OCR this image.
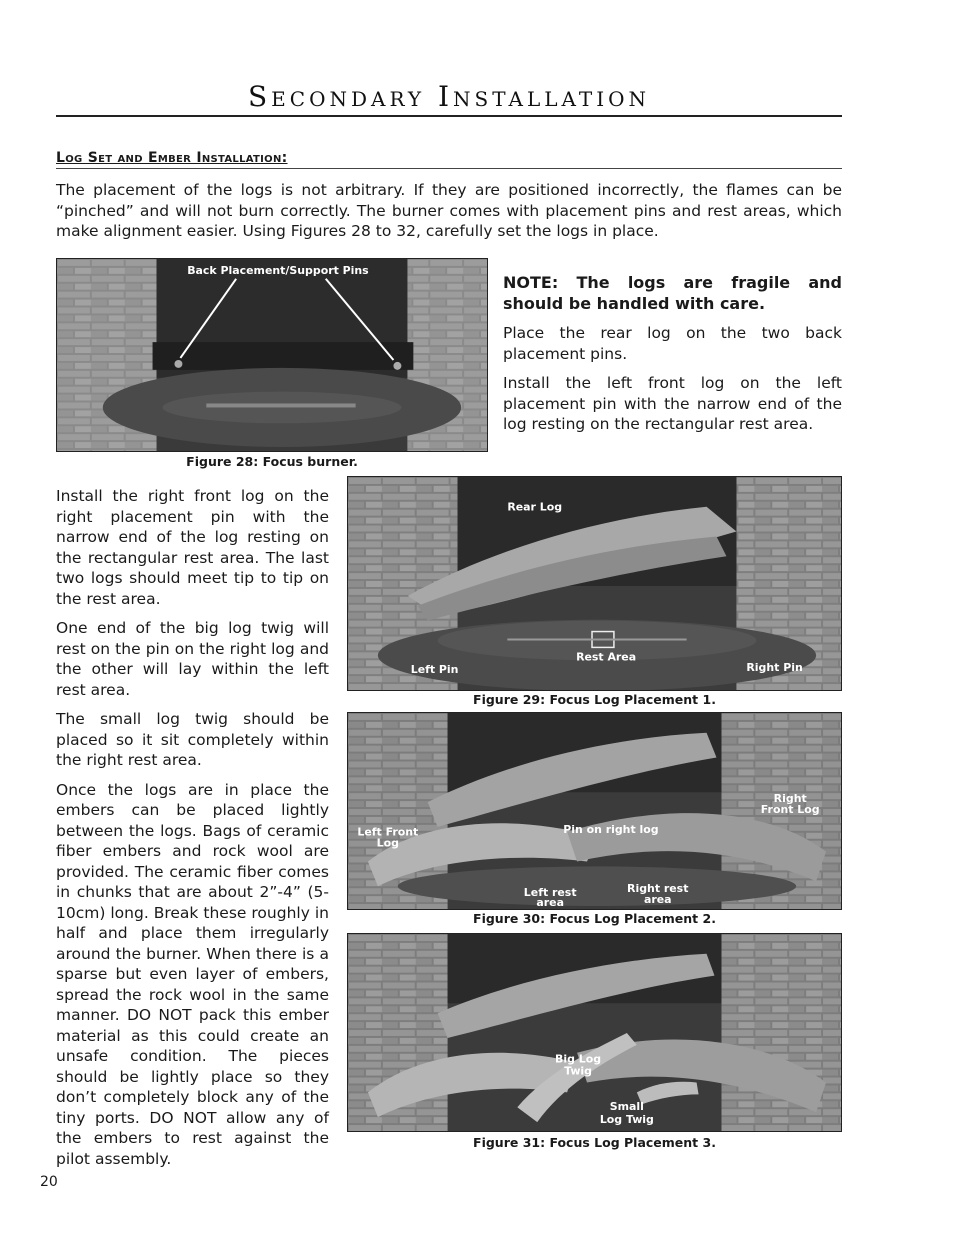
Secondary Installation
Log Set and Ember Installation:

The placement of the logs is not arbitrary. If they are positioned incorrectly, the flames can be “pinched” and will not burn correctly. The burner comes with placement pins and rest areas, which make alignment easier. Using Figures 28 to 32, carefully set the logs in place.

Back Placement/Support Pins
Figure 28: Focus burner.

NOTE: The logs are fragile and should be handled with care.

Place the rear log on the two back placement pins.

Install the left front log on the left placement pin with the narrow end of the log resting on the rectangular rest area.

Install the right front log on the right placement pin with the narrow end of the log resting on the rectangular rest area. The last two logs should meet tip to tip on the rest area.

One end of the big log twig will rest on the pin on the right log and the other will lay within the left rest area.

The small log twig should be placed so it sit completely within the right rest area.

Once the logs are in place the embers can be placed lightly between the logs. Bags of ceramic fiber embers and rock wool are provided. The ceramic fiber comes in chunks that are about 2”-4” (5-10cm) long. Break these roughly in half and place them irregularly around the burner. When there is a sparse but even layer of embers, spread the rock wool in the same manner. DO NOT pack this ember material as this could create an unsafe condition. The pieces should be lightly place so they don’t completely block any of the tiny ports. DO NOT allow any of the embers to rest against the pilot assembly.

Rear Log
Left Pin
Rest Area
Right Pin
Figure 29: Focus Log Placement 1.
Right
Front Log
Left Front
Log
Pin on right log
Left rest
area
Right rest
area
Figure 30: Focus Log Placement 2.
Big Log
Twig
Small
Log Twig
Figure 31: Focus Log Placement 3.
20
